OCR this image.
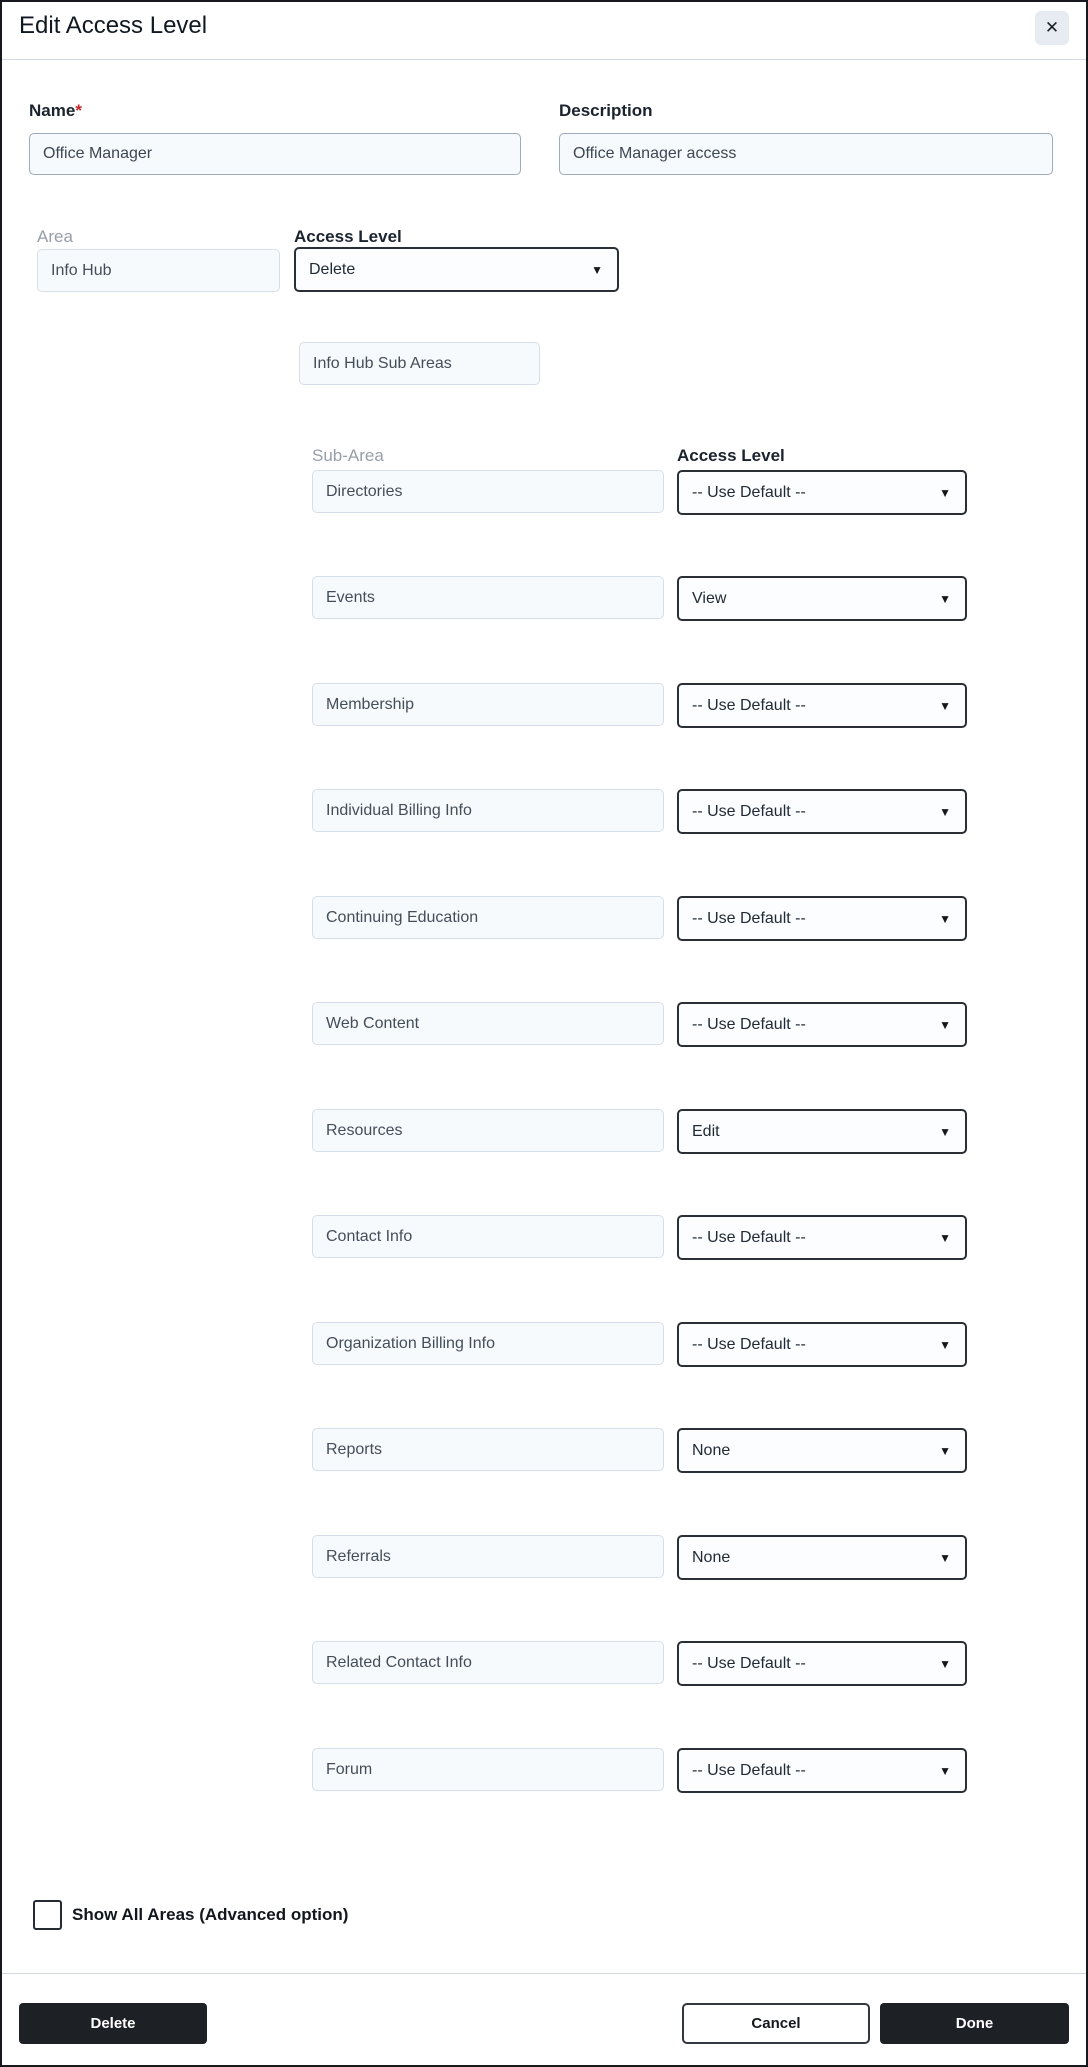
Edit Access Level	✕
Name*
Office Manager	Description
Office Manager access
Area
Info Hub
Access Level
Delete	▼
Info Hub Sub Areas
Sub-Area	Access Level
Directories	-- Use Default --	▼
Events	View	▼
Membership	-- Use Default --	▼
Individual Billing Info	-- Use Default --	▼
Continuing Education	-- Use Default --	▼
Web Content	-- Use Default --	▼
Resources	Edit	▼
Contact Info	-- Use Default --	▼
Organization Billing Info	-- Use Default --	▼
Reports	None	▼
Referrals	None	▼
Related Contact Info	-- Use Default --	▼
Forum	-- Use Default --	▼
Show All Areas (Advanced option)
Delete	Cancel	Done
